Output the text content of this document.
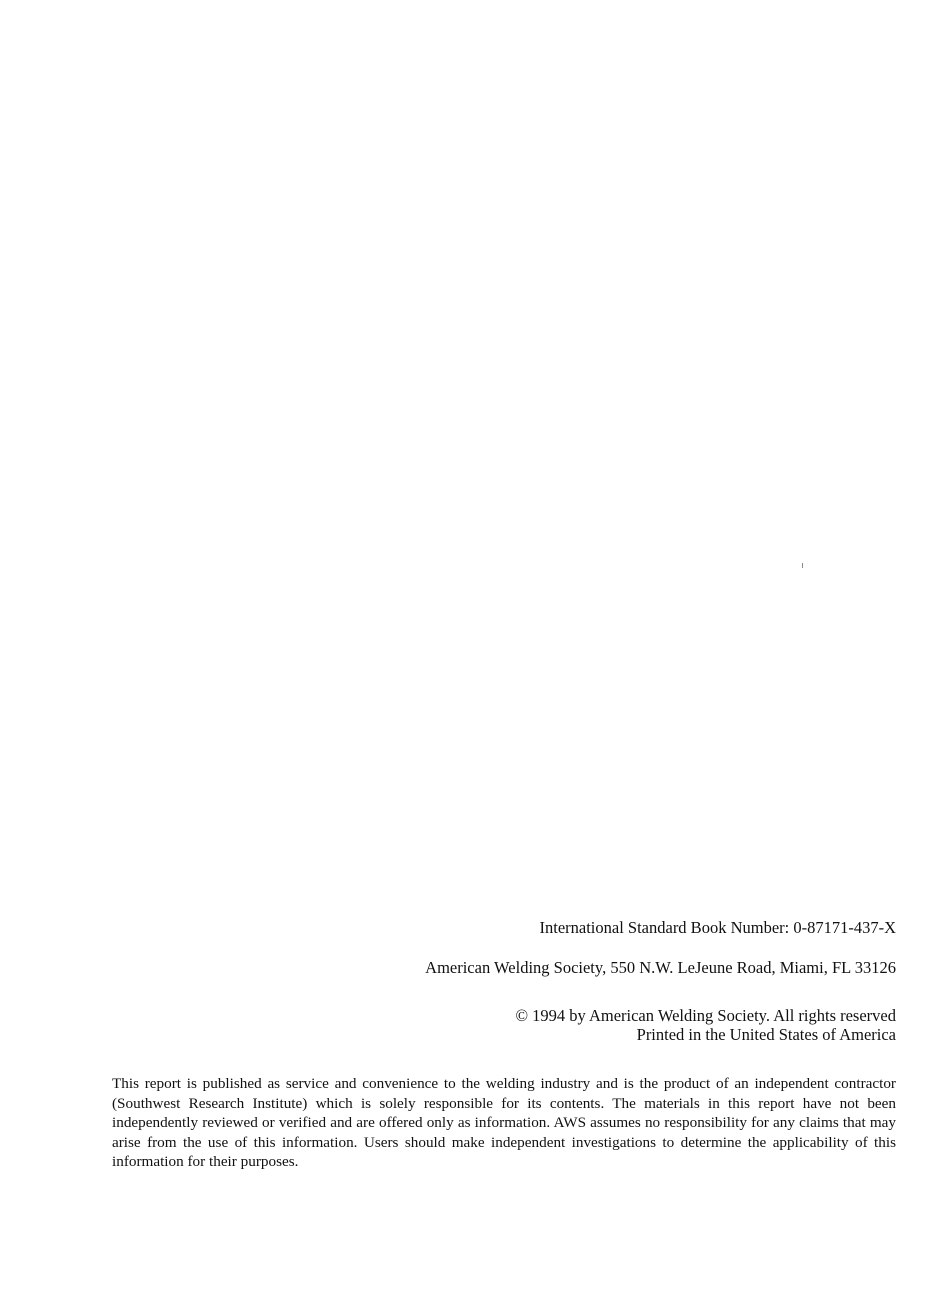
International Standard Book Number: 0-87171-437-X
American Welding Society, 550 N.W. LeJeune Road, Miami, FL 33126
© 1994 by American Welding Society. All rights reserved
Printed in the United States of America

This report is published as service and convenience to the welding industry and is the product of an independent contractor (Southwest Research Institute) which is solely responsible for its contents. The materials in this report have not been independently reviewed or verified and are offered only as information. AWS assumes no responsibility for any claims that may arise from the use of this information. Users should make independent investigations to determine the applicability of this information for their purposes.
